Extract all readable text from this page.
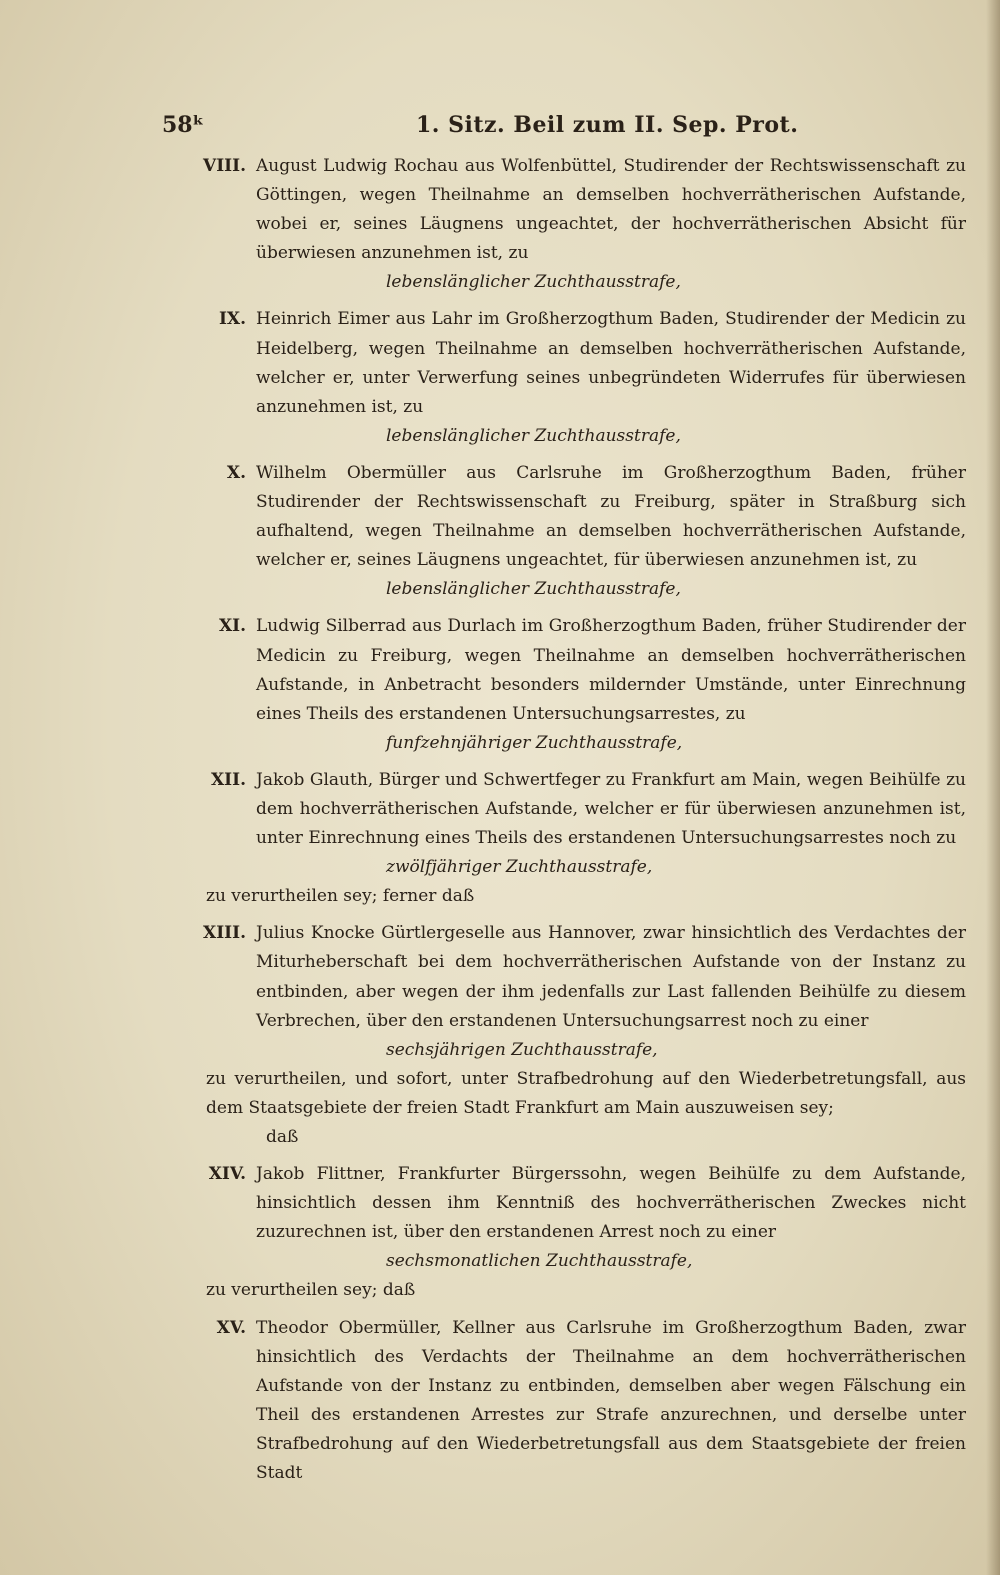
58ᵏ	1. Sitz. Beil zum II. Sep. Prot.
VIII. August Ludwig Rochau aus Wolfenbüttel, Studirender der Rechtswissenschaft zu Göttingen, wegen Theilnahme an demselben hochverrätherischen Aufstande, wobei er, seines Läugnens ungeachtet, der hochverrätherischen Absicht für überwiesen anzunehmen ist, zu

lebenslänglicher Zuchthausstrafe,

IX. Heinrich Eimer aus Lahr im Großherzogthum Baden, Studirender der Medicin zu Heidelberg, wegen Theilnahme an demselben hochverrätherischen Aufstande, welcher er, unter Verwerfung seines unbegründeten Widerrufes für überwiesen anzunehmen ist, zu

lebenslänglicher Zuchthausstrafe,

X. Wilhelm Obermüller aus Carlsruhe im Großherzogthum Baden, früher Studirender der Rechtswissenschaft zu Freiburg, später in Straßburg sich aufhaltend, wegen Theilnahme an demselben hochverrätherischen Aufstande, welcher er, seines Läugnens ungeachtet, für überwiesen anzunehmen ist, zu

lebenslänglicher Zuchthausstrafe,

XI. Ludwig Silberrad aus Durlach im Großherzogthum Baden, früher Studirender der Medicin zu Freiburg, wegen Theilnahme an demselben hochverrätherischen Aufstande, in Anbetracht besonders mildernder Umstände, unter Einrechnung eines Theils des erstandenen Untersuchungsarrestes, zu

funfzehnjähriger Zuchthausstrafe,

XII. Jakob Glauth, Bürger und Schwertfeger zu Frankfurt am Main, wegen Beihülfe zu dem hochverrätherischen Aufstande, welcher er für überwiesen anzunehmen ist, unter Einrechnung eines Theils des erstandenen Untersuchungsarrestes noch zu

zwölfjähriger Zuchthausstrafe,

zu verurtheilen sey; ferner daß

XIII. Julius Knocke Gürtlergeselle aus Hannover, zwar hinsichtlich des Verdachtes der Miturheberschaft bei dem hochverrätherischen Aufstande von der Instanz zu entbinden, aber wegen der ihm jedenfalls zur Last fallenden Beihülfe zu diesem Verbrechen, über den erstandenen Untersuchungsarrest noch zu einer

sechsjährigen Zuchthausstrafe,

zu verurtheilen, und sofort, unter Strafbedrohung auf den Wiederbetretungsfall, aus dem Staatsgebiete der freien Stadt Frankfurt am Main auszuweisen sey;

daß

XIV. Jakob Flittner, Frankfurter Bürgerssohn, wegen Beihülfe zu dem Aufstande, hinsichtlich dessen ihm Kenntniß des hochverrätherischen Zweckes nicht zuzurechnen ist, über den erstandenen Arrest noch zu einer

sechsmonatlichen Zuchthausstrafe,

zu verurtheilen sey; daß

XV. Theodor Obermüller, Kellner aus Carlsruhe im Großherzogthum Baden, zwar hinsichtlich des Verdachts der Theilnahme an dem hochverrätherischen Aufstande von der Instanz zu entbinden, demselben aber wegen Fälschung ein Theil des erstandenen Arrestes zur Strafe anzurechnen, und derselbe unter Strafbedrohung auf den Wiederbetretungsfall aus dem Staatsgebiete der freien Stadt
